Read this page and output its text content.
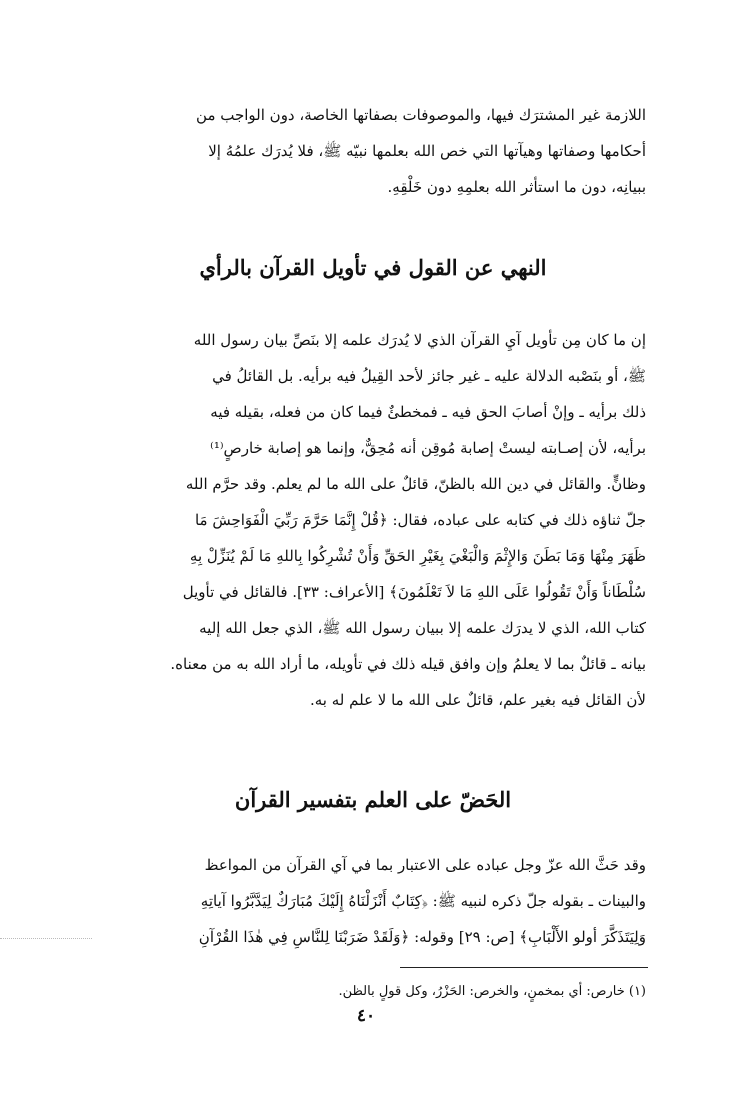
اللازمة غير المشترَك فيها، والموصوفات بصفاتها الخاصة، دون الواجب من
أحكامها وصفاتها وهيآتها التي خص الله بعلمها نبيّه ﷺ، فلا يُدرَك علمُهُ إلا
ببيانِه، دون ما استأثر الله بعلمِهِ دون خَلْقِهِ.
النهي عن القول في تأويل القرآن بالرأي
إن ما كان مِن تأويل آيِ القرآن الذي لا يُدرَك علمه إلا بنَصِّ بيان رسول الله
ﷺ، أو بنَصْبه الدلالة عليه ـ غير جائز لأحد القِيلُ فيه برأيه. بل القائلُ في
ذلك برأيه ـ وإنْ أصابَ الحق فيه ـ فمخطئٌ فيما كان من فعله، بقيله فيه
برأيه، لأن إصـابته ليستْ إصابة مُوقِن أنه مُحِقٌّ، وإنما هو إصابة خارصٍ⁽¹⁾
وظانٍّ. والقائل في دين الله بالظنّ، قائلٌ على الله ما لم يعلم. وقد حرَّم الله
جلّ ثناؤه ذلك في كتابه على عباده، فقال: ﴿قُلْ إِنَّمَا حَرَّمَ رَبِّيَ الْفَوَاحِشَ مَا
ظَهَرَ مِنْهَا وَمَا بَطَنَ وَالإِثْمَ وَالْبَغْيَ بِغَيْرِ الحَقِّ وَأَنْ تُشْرِكُوا بِاللهِ مَا لَمْ يُنَزِّلْ بِهِ
سُلْطَاناً وَأَنْ تَقُولُوا عَلَى اللهِ مَا لاَ تَعْلَمُونَ﴾ [الأعراف: ٣٣]. فالقائل في تأويل
كتاب الله، الذي لا يدرَك علمه إلا ببيان رسول الله ﷺ، الذي جعل الله إليه
بيانه ـ قائلٌ بما لا يعلمُ وإن وافق قيله ذلك في تأويله، ما أراد الله به من معناه.
لأن القائل فيه بغير علم، قائلٌ على الله ما لا علم له به.
الحَضّ على العلم بتفسير القرآن
وقد حَثَّ الله عزّ وجل عباده على الاعتبار بما في آي القرآن من المواعظ
والبينات ـ بقوله جلّ ذكره لنبيه ﷺ: ﴿كِتَابٌ أَنْزَلْنَاهُ إِلَيْكَ مُبَارَكٌ لِيَدَّبَّرُوا آياتِهِ
وَلِيَتَذَكَّرَ أولو الأَلْبَابِ﴾ [ص: ٢٩] وقوله: ﴿وَلَقَدْ ضَرَبْنَا لِلنَّاسِ فِي هٰذَا القُرْآنِ
(١) خارص: أي بمخمنٍ، والخرص: الحَزْرُ، وكل قولٍ بالظن.
٤٠
